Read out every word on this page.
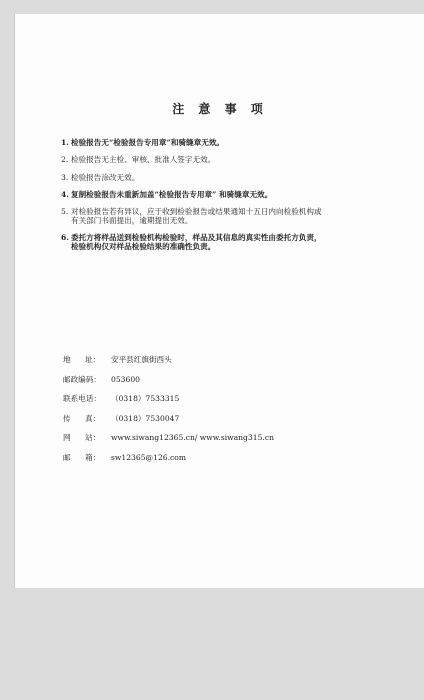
注 意 事 项
1. 检验报告无“检验报告专用章”和骑缝章无效。
2. 检验报告无主检、审核、批准人签字无效。
3. 检验报告涂改无效。
4. 复制检验报告未重新加盖“检验报告专用章” 和骑缝章无效。
5. 对检验报告若有异议，应于收到检验报告或结果通知十五日内向检验机构或
有关部门书面提出，逾期提出无效。
6. 委托方将样品送到检验机构检验时，样品及其信息的真实性由委托方负责，
检验机构仅对样品检验结果的准确性负责。
地      址：	安平县红旗街西头
邮政编码：	053600
联系电话：	（0318）7533315
传      真：	（0318）7530047
网      站：	www.siwang12365.cn/ www.siwang315.cn
邮      箱：	sw12365@126.com
